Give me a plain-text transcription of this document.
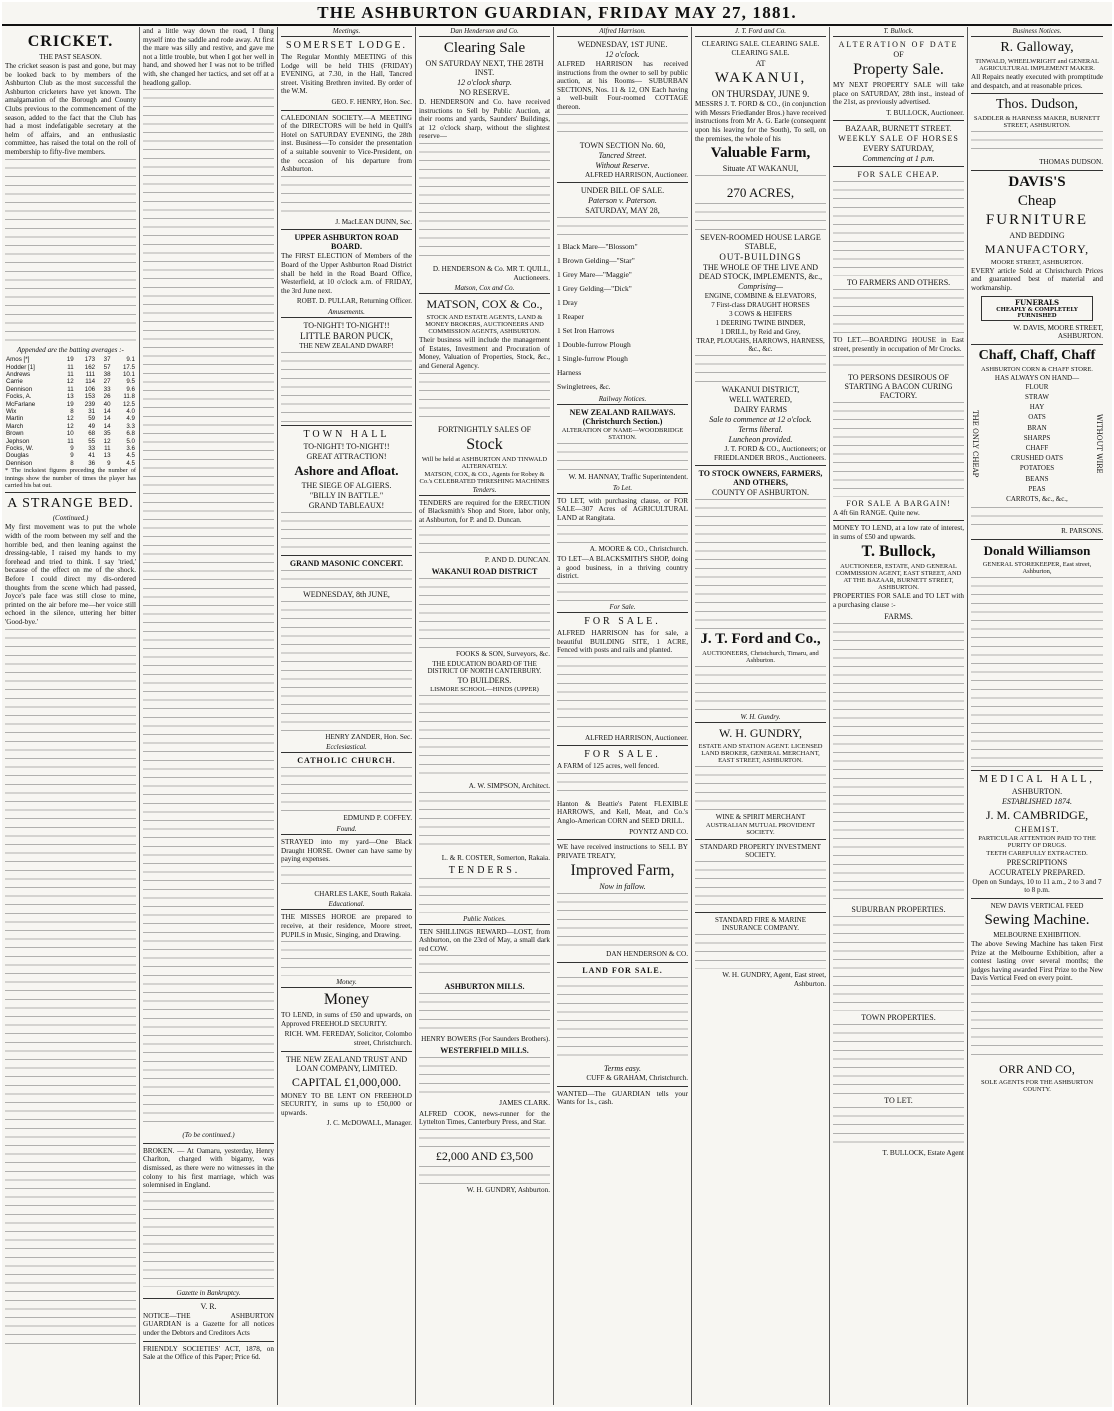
THE ASHBURTON GUARDIAN, FRIDAY MAY 27, 1881.
CRICKET.
THE PAST SEASON.

The cricket season is past and gone, but may be looked back to by members of the Ashburton Club as the most successful the Ashburton cricketers have yet known. The amalgamation of the Borough and County Clubs previous to the commencement of the season, added to the fact that the Club has had a most indefatigable secretary at the helm of affairs, and an enthusiastic committee, has raised the total on the roll of membership to fifty-five members.

Appended are the batting averages :-

Amos [*]	19	173	37	9.1
Hodder [1]	11	162	57	17.5
Andrews	11	111	38	10.1
Carrie	12	114	27	9.5
Dennison	11	106	33	9.6
Focks, A.	13	153	26	11.8
McFarlane	19	239	40	12.5
Wix	8	31	14	4.0
Martin	12	59	14	4.9
March	12	49	14	3.3
Brown	10	68	35	6.8
Jephson	11	55	12	5.0
Focks, W.	9	33	11	3.6
Douglas	9	41	13	4.5
Dennison	8	36	9	4.5

* The incksiest figures preceding the number of innings show the number of times the player has carried his bat out.

A STRANGE BED.
(Continued.)

My first movement was to put the whole width of the room between my self and the horrible bed, and then leaning against the dressing-table, I raised my hands to my forehead and tried to think. I say 'tried,' because of the effect on me of the shock. Before I could direct my dis-ordered thoughts from the scene which had passed, Joyce's pale face was still close to mine, printed on the air before me—her voice still echoed in the silence, uttering her bitter 'Good-bye.'

and a little way down the road, I flung myself into the saddle and rode away. At first the mare was silly and restive, and gave me not a little trouble, but when I got her well in hand, and showed her I was not to be trifled with, she changed her tactics, and set off at a headlong gallop.

(To be continued.)

BROKEN. — At Oamaru, yesterday, Henry Charlton, charged with bigamy, was dismissed, as there were no witnesses in the colony to his first marriage, which was solemnised in England.

Gazette in Bankruptcy.
V. R.

NOTICE—THE ASHBURTON GUARDIAN is a Gazette for all notices under the Debtors and Creditors Acts

FRIENDLY SOCIETIES' ACT, 1878, on Sale at the Office of this Paper; Price 6d.

Meetings.
SOMERSET LODGE.

The Regular Monthly MEETING of this Lodge will be held THIS (FRIDAY) EVENING, at 7.30, in the Hall, Tancred street. Visiting Brethren invited. By order of the W.M.

GEO. F. HENRY, Hon. Sec.

CALEDONIAN SOCIETY.—A MEETING of the DIRECTORS will be held in Quill's Hotel on SATURDAY EVENING, the 28th inst. Business—To consider the presentation of a suitable souvenir to Vice-President, on the occasion of his departure from Ashburton.

J. MacLEAN DUNN, Sec.

UPPER ASHBURTON ROAD BOARD.

The FIRST ELECTION of Members of the Board of the Upper Ashburton Road District shall be held in the Road Board Office, Westerfield, at 10 o'clock a.m. of FRIDAY, the 3rd June next.

ROBT. D. PULLAR, Returning Officer.

Amusements.
TO-NIGHT! TO-NIGHT!!
LITTLE BARON PUCK,
THE NEW ZEALAND DWARF!
TOWN HALL
TO-NIGHT! TO-NIGHT!!
GREAT ATTRACTION!
Ashore and Afloat.
THE SIEGE OF ALGIERS.
"BILLY IN BATTLE."
GRAND TABLEAUX!
GRAND MASONIC CONCERT.
WEDNESDAY, 8th JUNE,

HENRY ZANDER, Hon. Sec.

Ecclesiastical.
CATHOLIC CHURCH.

EDMUND P. COFFEY.

Found.

STRAYED into my yard—One Black Draught HORSE. Owner can have same by paying expenses.

CHARLES LAKE, South Rakaia.

Educational.

THE MISSES HOROE are prepared to receive, at their residence, Moore street, PUPILS in Music, Singing, and Drawing.

Money.
Money

TO LEND, in sums of £50 and upwards, on Approved FREEHOLD SECURITY.

RICH. WM. FEREDAY, Solicitor, Colombo street, Christchurch.

THE NEW ZEALAND TRUST AND LOAN COMPANY, LIMITED.
CAPITAL £1,000,000.

MONEY TO BE LENT ON FREEHOLD SECURITY, in sums up to £50,000 or upwards.

J. C. McDOWALL, Manager.

Dan Henderson and Co.
Clearing Sale
ON SATURDAY NEXT, THE 28TH INST.
12 o'clock sharp.
NO RESERVE.

D. HENDERSON and Co. have received instructions to Sell by Public Auction, at their rooms and yards, Saunders' Buildings, at 12 o'clock sharp, without the slightest reserve—

D. HENDERSON & Co. MR T. QUILL, Auctioneers.

Matson, Cox and Co.
MATSON, COX & Co.,
STOCK AND ESTATE AGENTS, LAND & MONEY BROKERS, AUCTIONEERS AND COMMISSION AGENTS, ASHBURTON.

Their business will include the management of Estates, Investment and Procuration of Money, Valuation of Properties, Stock, &c., and General Agency.

FORTNIGHTLY SALES OF
Stock
Will be held at ASHBURTON AND TINWALD ALTERNATELY.
MATSON, COX, & CO., Agents for Robey & Co.'s CELEBRATED THRESHING MACHINES
Tenders.

TENDERS are required for the ERECTION of Blacksmith's Shop and Store, labor only, at Ashburton, for P. and D. Duncan.

P. AND D. DUNCAN.

WAKANUI ROAD DISTRICT

FOOKS & SON, Surveyors, &c.

THE EDUCATION BOARD OF THE DISTRICT OF NORTH CANTERBURY.
TO BUILDERS.
LISMORE SCHOOL—HINDS (UPPER)

A. W. SIMPSON, Architect.

L. & R. COSTER, Somerton, Rakaia.

TENDERS.
Public Notices.

TEN SHILLINGS REWARD—LOST, from Ashburton, on the 23rd of May, a small dark red COW.

ASHBURTON MILLS.

HENRY BOWERS (For Saunders Brothers).

WESTERFIELD MILLS.

JAMES CLARK.

ALFRED COOK, news-runner for the Lyttelton Times, Canterbury Press, and Star.

£2,000 AND £3,500

W. H. GUNDRY, Ashburton.

Alfred Harrison.
WEDNESDAY, 1ST JUNE.
12 o'clock.

ALFRED HARRISON has received instructions from the owner to sell by public auction, at his Rooms— SUBURBAN SECTIONS, Nos. 11 & 12, ON Each having a well-built Four-roomed COTTAGE thereon.

TOWN SECTION No. 60,
Tancred Street.
Without Reserve.

ALFRED HARRISON, Auctioneer.

UNDER BILL OF SALE.
Paterson v. Paterson.
SATURDAY, MAY 28,
1 Black Mare—"Blossom"
1 Brown Gelding—"Star"
1 Grey Mare—"Maggie"
1 Grey Gelding—"Dick"
1 Dray
1 Reaper
1 Set Iron Harrows
1 Double-furrow Plough
1 Single-furrow Plough
Harness
Swingletrees, &c.
Railway Notices.
NEW ZEALAND RAILWAYS. (Christchurch Section.)
ALTERATION OF NAME—WOODBRIDGE STATION.

W. M. HANNAY, Traffic Superintendent.

To Let.

TO LET, with purchasing clause, or FOR SALE—307 Acres of AGRICULTURAL LAND at Rangitata.

A. MOORE & CO., Christchurch.

TO LET—A BLACKSMITH'S SHOP, doing a good business, in a thriving country district.

For Sale.
FOR SALE.

ALFRED HARRISON has for sale, a beautiful BUILDING SITE, 1 ACRE, Fenced with posts and rails and planted.

ALFRED HARRISON, Auctioneer.

FOR SALE.

A FARM of 125 acres, well fenced.

Hanton & Beattie's Patent FLEXIBLE HARROWS, and Kell, Meat, and Co.'s Anglo-American CORN and SEED DRILL.

POYNTZ AND CO.

WE have received instructions to SELL BY PRIVATE TREATY,

Improved Farm,
Now in fallow.

DAN HENDERSON & CO.

LAND FOR SALE.
Terms easy.

CUFF & GRAHAM, Christchurch.

WANTED—The GUARDIAN tells your Wants for 1s., cash.

J. T. Ford and Co.

CLEARING SALE. CLEARING SALE. CLEARING SALE.

AT
WAKANUI,
ON THURSDAY, JUNE 9.

MESSRS J. T. FORD & CO., (in conjunction with Messrs Friedlander Bros.) have received instructions from Mr A. G. Earle (consequent upon his leaving for the South), To sell, on the premises, the whole of his

Valuable Farm,
Situate AT WAKANUI,
270 ACRES,
SEVEN-ROOMED HOUSE LARGE STABLE,
OUT-BUILDINGS
THE WHOLE OF THE LIVE AND DEAD STOCK, IMPLEMENTS, &c.,
Comprising—
ENGINE, COMBINE & ELEVATORS,
7 First-class DRAUGHT HORSES
3 COWS & HEIFERS
1 DEERING TWINE BINDER,
1 DRILL, by Reid and Grey,
TRAP, PLOUGHS, HARROWS, HARNESS, &c., &c.
WAKANUI DISTRICT,
WELL WATERED,
DAIRY FARMS
Sale to commence at 12 o'clock.
Terms liberal.
Luncheon provided.

J. T. FORD & CO., Auctioneers; or FRIEDLANDER BROS., Auctioneers.

TO STOCK OWNERS, FARMERS, AND OTHERS,
COUNTY OF ASHBURTON.
J. T. Ford and Co.,
AUCTIONEERS, Christchurch, Timaru, and Ashburton.
W. H. Gundry.
W. H. GUNDRY,
ESTATE AND STATION AGENT. LICENSED LAND BROKER, GENERAL MERCHANT, EAST STREET, ASHBURTON.
WINE & SPIRIT MERCHANT
AUSTRALIAN MUTUAL PROVIDENT SOCIETY.
STANDARD PROPERTY INVESTMENT SOCIETY.
STANDARD FIRE & MARINE INSURANCE COMPANY.

W. H. GUNDRY, Agent, East street, Ashburton.

T. Bullock.
ALTERATION OF DATE
OF
Property Sale.

MY NEXT PROPERTY SALE will take place on SATURDAY, 28th inst., instead of the 21st, as previously advertised.

T. BULLOCK, Auctioneer.

BAZAAR, BURNETT STREET.
WEEKLY SALE OF HORSES
EVERY SATURDAY,
Commencing at 1 p.m.
FOR SALE CHEAP.
TO FARMERS AND OTHERS.

TO LET.—BOARDING HOUSE in East street, presently in occupation of Mr Crocks.

TO PERSONS DESIROUS OF STARTING A BACON CURING FACTORY.
FOR SALE A BARGAIN!

A 4ft 6in RANGE. Quite new.

MONEY TO LEND, at a low rate of interest, in sums of £50 and upwards.

T. Bullock,
AUCTIONEER, ESTATE, AND GENERAL COMMISSION AGENT, EAST STREET, AND AT THE BAZAAR, BURNETT STREET, ASHBURTON.

PROPERTIES FOR SALE and TO LET with a purchasing clause :-

FARMS.
SUBURBAN PROPERTIES.
TOWN PROPERTIES.
TO LET.

T. BULLOCK, Estate Agent

Business Notices.
R. Galloway,
TINWALD, WHEELWRIGHT and GENERAL AGRICULTURAL IMPLEMENT MAKER.

All Repairs neatly executed with promptitude and despatch, and at reasonable prices.

Thos. Dudson,
SADDLER & HARNESS MAKER, BURNETT STREET, ASHBURTON.

THOMAS DUDSON.

DAVIS'S
Cheap
FURNITURE
AND BEDDING
MANUFACTORY,
MOORE STREET, ASHBURTON.

EVERY article Sold at Christchurch Prices and guaranteed best of material and workmanship.

FUNERALS
CHEAPLY & COMPLETELY FURNISHED

W. DAVIS, MOORE STREET, ASHBURTON.

Chaff, Chaff, Chaff
ASHBURTON CORN & CHAFF STORE.
HAS ALWAYS ON HAND—
THE ONLY CHEAP
FLOUR
STRAW
HAY
OATS
BRAN
SHARPS
CHAFF
CRUSHED OATS
POTATOES
BEANS
PEAS
CARROTS, &c., &c.,
WITHOUT WIRE

R. PARSONS.

Donald Williamson
GENERAL STOREKEEPER, East street, Ashburton,
MEDICAL HALL,
ASHBURTON.
ESTABLISHED 1874.
J. M. CAMBRIDGE,
CHEMIST.
PARTICULAR ATTENTION PAID TO THE PURITY OF DRUGS.
TEETH CAREFULLY EXTRACTED.
PRESCRIPTIONS
ACCURATELY PREPARED.

Open on Sundays, 10 to 11 a.m., 2 to 3 and 7 to 8 p.m.

NEW DAVIS VERTICAL FEED
Sewing Machine.
MELBOURNE EXHIBITION.

The above Sewing Machine has taken First Prize at the Melbourne Exhibition, after a contest lasting over several months; the judges having awarded First Prize to the New Davis Vertical Feed on every point.

ORR AND CO,
SOLE AGENTS FOR THE ASHBURTON COUNTY.
